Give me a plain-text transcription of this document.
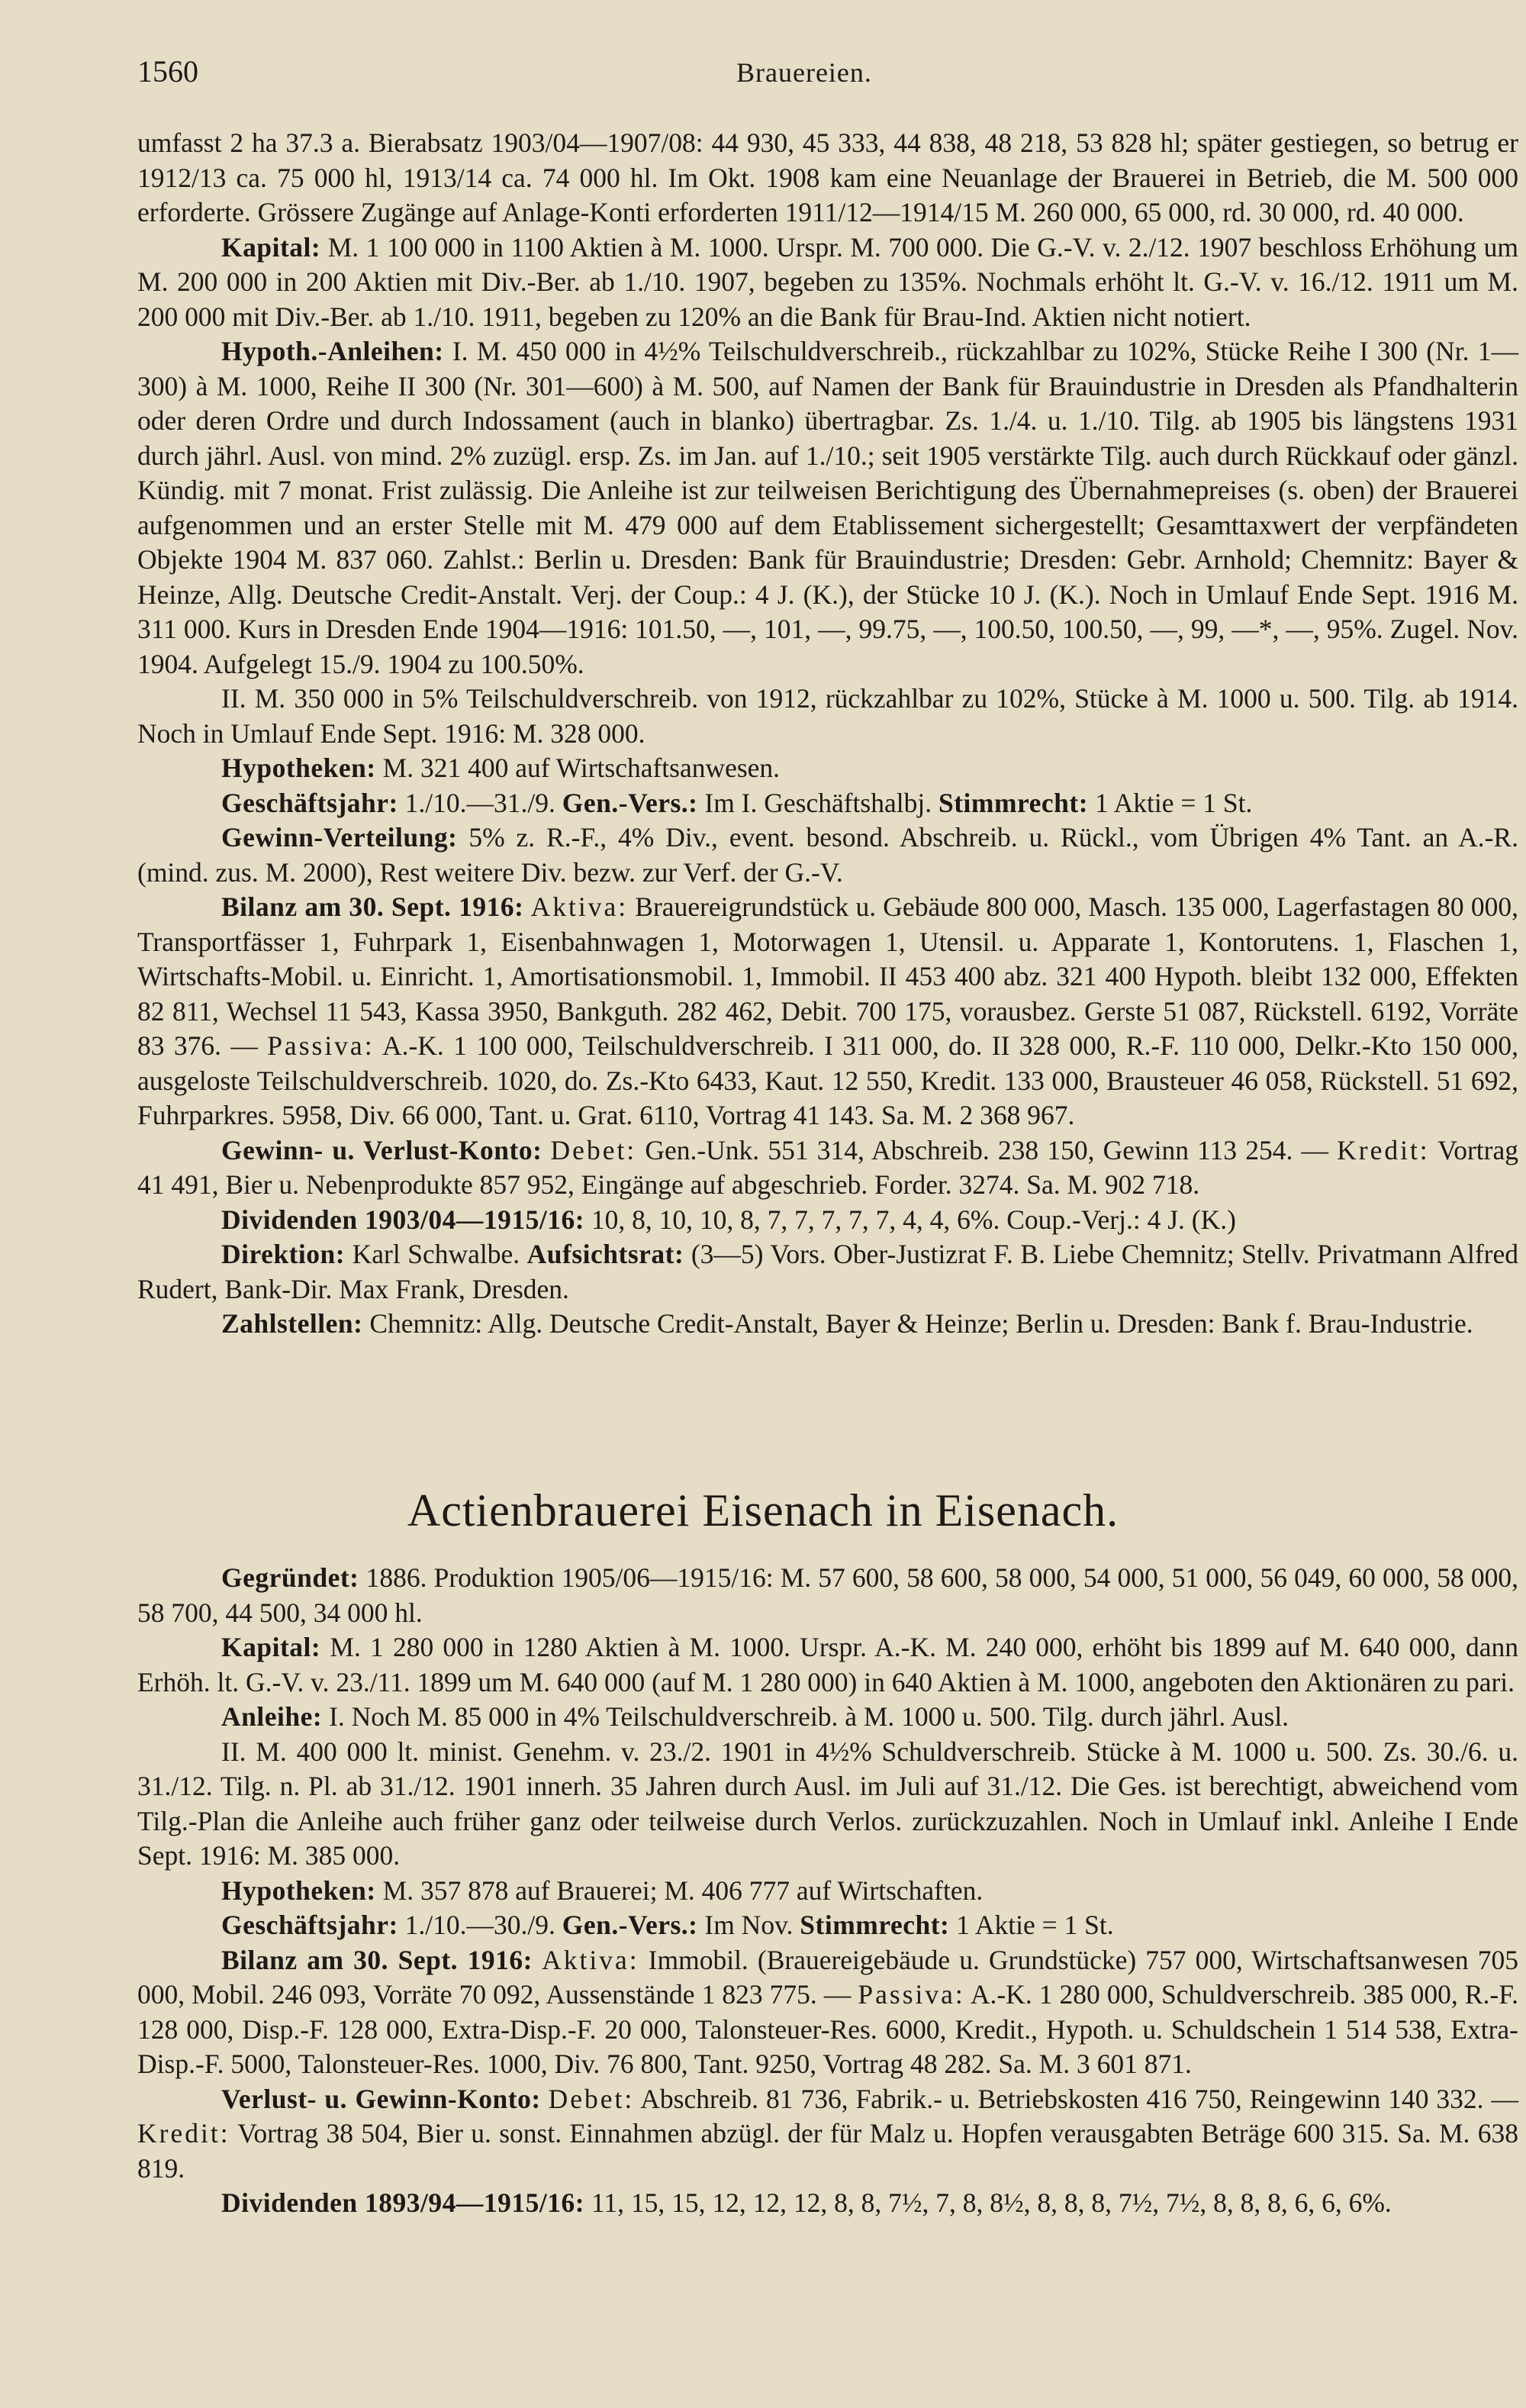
1560	Brauereien.

umfasst 2 ha 37.3 a. Bierabsatz 1903/04—1907/08: 44 930, 45 333, 44 838, 48 218, 53 828 hl; später gestiegen, so betrug er 1912/13 ca. 75 000 hl, 1913/14 ca. 74 000 hl. Im Okt. 1908 kam eine Neuanlage der Brauerei in Betrieb, die M. 500 000 erforderte. Grössere Zugänge auf Anlage-Konti erforderten 1911/12—1914/15 M. 260 000, 65 000, rd. 30 000, rd. 40 000.

Kapital: M. 1 100 000 in 1100 Aktien à M. 1000. Urspr. M. 700 000. Die G.-V. v. 2./12. 1907 beschloss Erhöhung um M. 200 000 in 200 Aktien mit Div.-Ber. ab 1./10. 1907, begeben zu 135%. Nochmals erhöht lt. G.-V. v. 16./12. 1911 um M. 200 000 mit Div.-Ber. ab 1./10. 1911, begeben zu 120% an die Bank für Brau-Ind. Aktien nicht notiert.

Hypoth.-Anleihen: I. M. 450 000 in 4½% Teilschuldverschreib., rückzahlbar zu 102%, Stücke Reihe I 300 (Nr. 1—300) à M. 1000, Reihe II 300 (Nr. 301—600) à M. 500, auf Namen der Bank für Brauindustrie in Dresden als Pfandhalterin oder deren Ordre und durch Indossament (auch in blanko) übertragbar. Zs. 1./4. u. 1./10. Tilg. ab 1905 bis längstens 1931 durch jährl. Ausl. von mind. 2% zuzügl. ersp. Zs. im Jan. auf 1./10.; seit 1905 verstärkte Tilg. auch durch Rückkauf oder gänzl. Kündig. mit 7 monat. Frist zulässig. Die Anleihe ist zur teilweisen Berichtigung des Übernahmepreises (s. oben) der Brauerei aufgenommen und an erster Stelle mit M. 479 000 auf dem Etablissement sichergestellt; Gesamttaxwert der verpfändeten Objekte 1904 M. 837 060. Zahlst.: Berlin u. Dresden: Bank für Brauindustrie; Dresden: Gebr. Arnhold; Chemnitz: Bayer & Heinze, Allg. Deutsche Credit-Anstalt. Verj. der Coup.: 4 J. (K.), der Stücke 10 J. (K.). Noch in Umlauf Ende Sept. 1916 M. 311 000. Kurs in Dresden Ende 1904—1916: 101.50, —, 101, —, 99.75, —, 100.50, 100.50, —, 99, —*, —, 95%. Zugel. Nov. 1904. Aufgelegt 15./9. 1904 zu 100.50%.

II. M. 350 000 in 5% Teilschuldverschreib. von 1912, rückzahlbar zu 102%, Stücke à M. 1000 u. 500. Tilg. ab 1914. Noch in Umlauf Ende Sept. 1916: M. 328 000.

Hypotheken: M. 321 400 auf Wirtschaftsanwesen.

Geschäftsjahr: 1./10.—31./9. Gen.-Vers.: Im I. Geschäftshalbj. Stimmrecht: 1 Aktie = 1 St.

Gewinn-Verteilung: 5% z. R.-F., 4% Div., event. besond. Abschreib. u. Rückl., vom Übrigen 4% Tant. an A.-R. (mind. zus. M. 2000), Rest weitere Div. bezw. zur Verf. der G.-V.

Bilanz am 30. Sept. 1916: Aktiva: Brauereigrundstück u. Gebäude 800 000, Masch. 135 000, Lagerfastagen 80 000, Transportfässer 1, Fuhrpark 1, Eisenbahnwagen 1, Motorwagen 1, Utensil. u. Apparate 1, Kontorutens. 1, Flaschen 1, Wirtschafts-Mobil. u. Einricht. 1, Amortisationsmobil. 1, Immobil. II 453 400 abz. 321 400 Hypoth. bleibt 132 000, Effekten 82 811, Wechsel 11 543, Kassa 3950, Bankguth. 282 462, Debit. 700 175, vorausbez. Gerste 51 087, Rückstell. 6192, Vorräte 83 376. — Passiva: A.-K. 1 100 000, Teilschuldverschreib. I 311 000, do. II 328 000, R.-F. 110 000, Delkr.-Kto 150 000, ausgeloste Teilschuldverschreib. 1020, do. Zs.-Kto 6433, Kaut. 12 550, Kredit. 133 000, Brausteuer 46 058, Rückstell. 51 692, Fuhrparkres. 5958, Div. 66 000, Tant. u. Grat. 6110, Vortrag 41 143. Sa. M. 2 368 967.

Gewinn- u. Verlust-Konto: Debet: Gen.-Unk. 551 314, Abschreib. 238 150, Gewinn 113 254. — Kredit: Vortrag 41 491, Bier u. Nebenprodukte 857 952, Eingänge auf abgeschrieb. Forder. 3274. Sa. M. 902 718.

Dividenden 1903/04—1915/16: 10, 8, 10, 10, 8, 7, 7, 7, 7, 7, 4, 4, 6%. Coup.-Verj.: 4 J. (K.)

Direktion: Karl Schwalbe. Aufsichtsrat: (3—5) Vors. Ober-Justizrat F. B. Liebe Chemnitz; Stellv. Privatmann Alfred Rudert, Bank-Dir. Max Frank, Dresden.

Zahlstellen: Chemnitz: Allg. Deutsche Credit-Anstalt, Bayer & Heinze; Berlin u. Dresden: Bank f. Brau-Industrie.

Actienbrauerei Eisenach in Eisenach.

Gegründet: 1886. Produktion 1905/06—1915/16: M. 57 600, 58 600, 58 000, 54 000, 51 000, 56 049, 60 000, 58 000, 58 700, 44 500, 34 000 hl.

Kapital: M. 1 280 000 in 1280 Aktien à M. 1000. Urspr. A.-K. M. 240 000, erhöht bis 1899 auf M. 640 000, dann Erhöh. lt. G.-V. v. 23./11. 1899 um M. 640 000 (auf M. 1 280 000) in 640 Aktien à M. 1000, angeboten den Aktionären zu pari.

Anleihe: I. Noch M. 85 000 in 4% Teilschuldverschreib. à M. 1000 u. 500. Tilg. durch jährl. Ausl.

II. M. 400 000 lt. minist. Genehm. v. 23./2. 1901 in 4½% Schuldverschreib. Stücke à M. 1000 u. 500. Zs. 30./6. u. 31./12. Tilg. n. Pl. ab 31./12. 1901 innerh. 35 Jahren durch Ausl. im Juli auf 31./12. Die Ges. ist berechtigt, abweichend vom Tilg.-Plan die Anleihe auch früher ganz oder teilweise durch Verlos. zurückzuzahlen. Noch in Umlauf inkl. Anleihe I Ende Sept. 1916: M. 385 000.

Hypotheken: M. 357 878 auf Brauerei; M. 406 777 auf Wirtschaften.

Geschäftsjahr: 1./10.—30./9. Gen.-Vers.: Im Nov. Stimmrecht: 1 Aktie = 1 St.

Bilanz am 30. Sept. 1916: Aktiva: Immobil. (Brauereigebäude u. Grundstücke) 757 000, Wirtschaftsanwesen 705 000, Mobil. 246 093, Vorräte 70 092, Aussenstände 1 823 775. — Passiva: A.-K. 1 280 000, Schuldverschreib. 385 000, R.-F. 128 000, Disp.-F. 128 000, Extra-Disp.-F. 20 000, Talonsteuer-Res. 6000, Kredit., Hypoth. u. Schuldschein 1 514 538, Extra-Disp.-F. 5000, Talonsteuer-Res. 1000, Div. 76 800, Tant. 9250, Vortrag 48 282. Sa. M. 3 601 871.

Verlust- u. Gewinn-Konto: Debet: Abschreib. 81 736, Fabrik.- u. Betriebskosten 416 750, Reingewinn 140 332. — Kredit: Vortrag 38 504, Bier u. sonst. Einnahmen abzügl. der für Malz u. Hopfen verausgabten Beträge 600 315. Sa. M. 638 819.

Dividenden 1893/94—1915/16: 11, 15, 15, 12, 12, 12, 8, 8, 7½, 7, 8, 8½, 8, 8, 8, 7½, 7½, 8, 8, 8, 6, 6, 6%.
